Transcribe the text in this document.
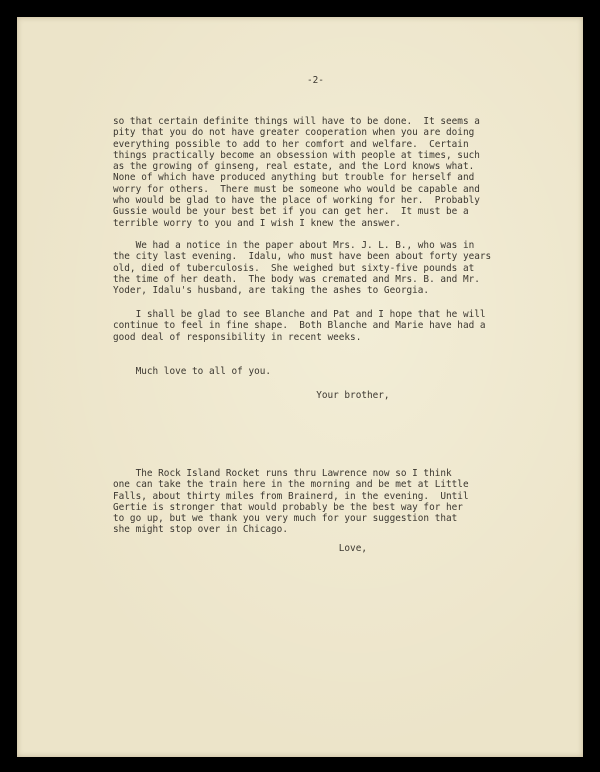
-2-
so that certain definite things will have to be done.  It seems a
pity that you do not have greater cooperation when you are doing
everything possible to add to her comfort and welfare.  Certain
things practically become an obsession with people at times, such
as the growing of ginseng, real estate, and the Lord knows what.
None of which have produced anything but trouble for herself and
worry for others.  There must be someone who would be capable and
who would be glad to have the place of working for her.  Probably
Gussie would be your best bet if you can get her.  It must be a
terrible worry to you and I wish I knew the answer.
We had a notice in the paper about Mrs. J. L. B., who was in
the city last evening.  Idalu, who must have been about forty years
old, died of tuberculosis.  She weighed but sixty-five pounds at
the time of her death.  The body was cremated and Mrs. B. and Mr.
Yoder, Idalu's husband, are taking the ashes to Georgia.
I shall be glad to see Blanche and Pat and I hope that he will
continue to feel in fine shape.  Both Blanche and Marie have had a
good deal of responsibility in recent weeks.
Much love to all of you.
Your brother,
The Rock Island Rocket runs thru Lawrence now so I think
one can take the train here in the morning and be met at Little
Falls, about thirty miles from Brainerd, in the evening.  Until
Gertie is stronger that would probably be the best way for her
to go up, but we thank you very much for your suggestion that
she might stop over in Chicago.
Love,
